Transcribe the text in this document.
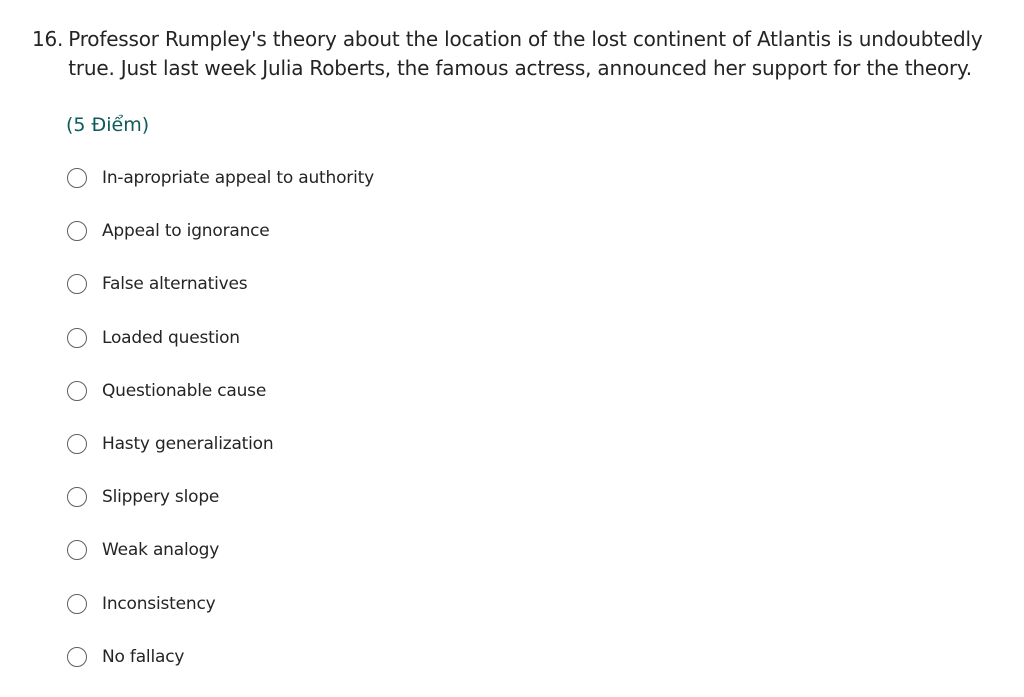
16. Professor Rumpley's theory about the location of the lost continent of Atlantis is undoubtedly true. Just last week Julia Roberts, the famous actress, announced her support for the theory.
(5 Điểm)
In-apropriate appeal to authority
Appeal to ignorance
False alternatives
Loaded question
Questionable cause
Hasty generalization
Slippery slope
Weak analogy
Inconsistency
No fallacy
